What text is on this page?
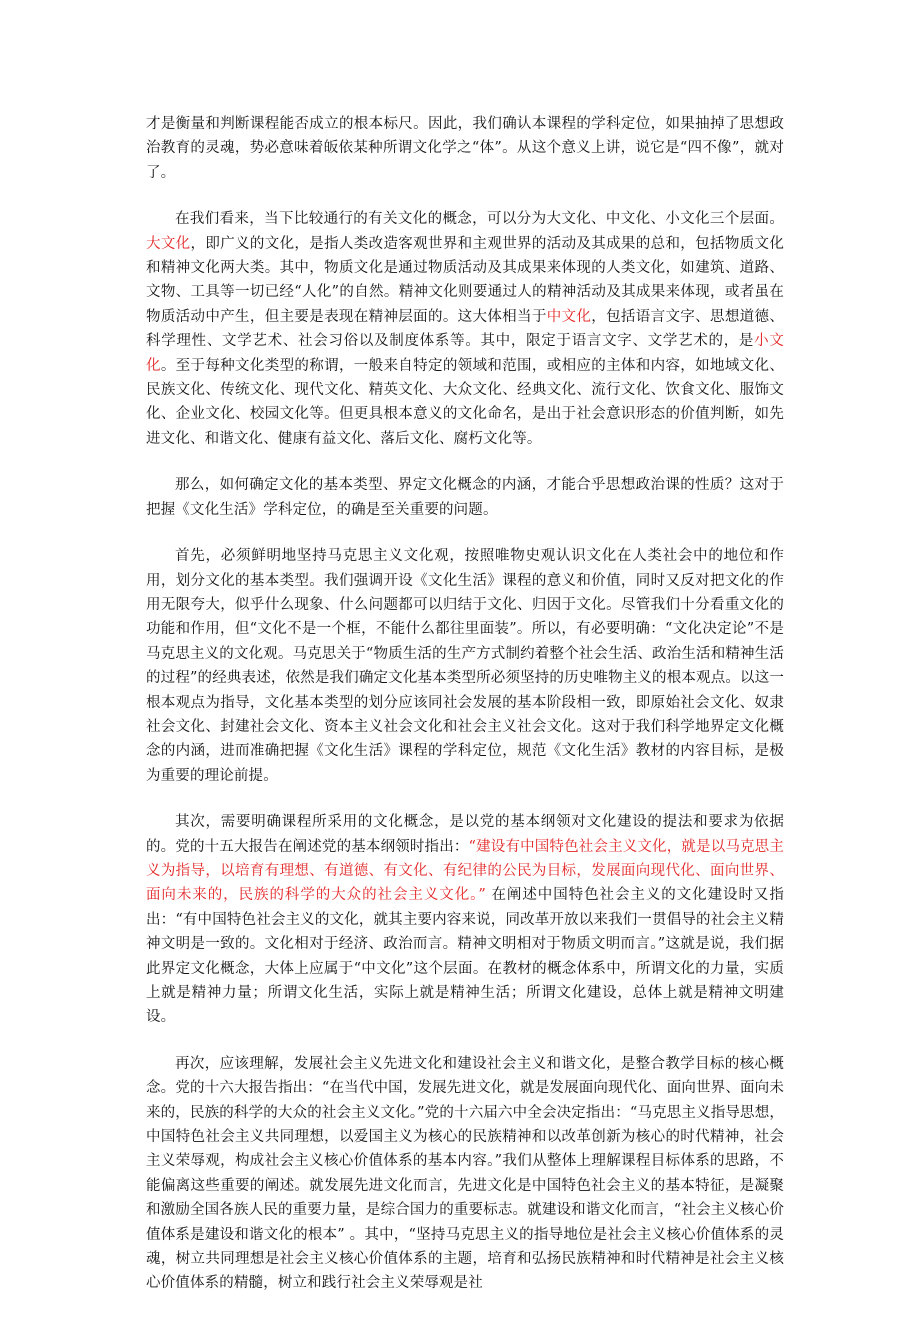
才是衡量和判断课程能否成立的根本标尺。因此，我们确认本课程的学科定位，如果抽掉了思想政治教育的灵魂，势必意味着皈依某种所谓文化学之“体”。从这个意义上讲，说它是“四不像”，就对了。

在我们看来，当下比较通行的有关文化的概念，可以分为大文化、中文化、小文化三个层面。大文化，即广义的文化，是指人类改造客观世界和主观世界的活动及其成果的总和，包括物质文化和精神文化两大类。其中，物质文化是通过物质活动及其成果来体现的人类文化，如建筑、道路、文物、工具等一切已经“人化”的自然。精神文化则要通过人的精神活动及其成果来体现，或者虽在物质活动中产生，但主要是表现在精神层面的。这大体相当于中文化，包括语言文字、思想道德、科学理性、文学艺术、社会习俗以及制度体系等。其中，限定于语言文字、文学艺术的，是小文化。至于每种文化类型的称谓，一般来自特定的领域和范围，或相应的主体和内容，如地域文化、民族文化、传统文化、现代文化、精英文化、大众文化、经典文化、流行文化、饮食文化、服饰文化、企业文化、校园文化等。但更具根本意义的文化命名，是出于社会意识形态的价值判断，如先进文化、和谐文化、健康有益文化、落后文化、腐朽文化等。

那么，如何确定文化的基本类型、界定文化概念的内涵，才能合乎思想政治课的性质？这对于把握《文化生活》学科定位，的确是至关重要的问题。

首先，必须鲜明地坚持马克思主义文化观，按照唯物史观认识文化在人类社会中的地位和作用，划分文化的基本类型。我们强调开设《文化生活》课程的意义和价值，同时又反对把文化的作用无限夸大，似乎什么现象、什么问题都可以归结于文化、归因于文化。尽管我们十分看重文化的功能和作用，但“文化不是一个框，不能什么都往里面装”。所以，有必要明确：“文化决定论”不是马克思主义的文化观。马克思关于“物质生活的生产方式制约着整个社会生活、政治生活和精神生活的过程”的经典表述，依然是我们确定文化基本类型所必须坚持的历史唯物主义的根本观点。以这一根本观点为指导，文化基本类型的划分应该同社会发展的基本阶段相一致，即原始社会文化、奴隶社会文化、封建社会文化、资本主义社会文化和社会主义社会文化。这对于我们科学地界定文化概念的内涵，进而准确把握《文化生活》课程的学科定位，规范《文化生活》教材的内容目标，是极为重要的理论前提。

其次，需要明确课程所采用的文化概念，是以党的基本纲领对文化建设的提法和要求为依据的。党的十五大报告在阐述党的基本纲领时指出：“建设有中国特色社会主义文化，就是以马克思主义为指导，以培育有理想、有道德、有文化、有纪律的公民为目标，发展面向现代化、面向世界、面向未来的，民族的科学的大众的社会主义文化。” 在阐述中国特色社会主义的文化建设时又指出：“有中国特色社会主义的文化，就其主要内容来说，同改革开放以来我们一贯倡导的社会主义精神文明是一致的。文化相对于经济、政治而言。精神文明相对于物质文明而言。”这就是说，我们据此界定文化概念，大体上应属于“中文化”这个层面。在教材的概念体系中，所谓文化的力量，实质上就是精神力量；所谓文化生活，实际上就是精神生活；所谓文化建设，总体上就是精神文明建设。

再次，应该理解，发展社会主义先进文化和建设社会主义和谐文化，是整合教学目标的核心概念。党的十六大报告指出：“在当代中国，发展先进文化，就是发展面向现代化、面向世界、面向未来的，民族的科学的大众的社会主义文化。”党的十六届六中全会决定指出：“马克思主义指导思想，中国特色社会主义共同理想，以爱国主义为核心的民族精神和以改革创新为核心的时代精神，社会主义荣辱观，构成社会主义核心价值体系的基本内容。”我们从整体上理解课程目标体系的思路，不能偏离这些重要的阐述。就发展先进文化而言，先进文化是中国特色社会主义的基本特征，是凝聚和激励全国各族人民的重要力量，是综合国力的重要标志。就建设和谐文化而言，“社会主义核心价值体系是建设和谐文化的根本” 。其中，“坚持马克思主义的指导地位是社会主义核心价值体系的灵魂，树立共同理想是社会主义核心价值体系的主题，培育和弘扬民族精神和时代精神是社会主义核心价值体系的精髓，树立和践行社会主义荣辱观是社
